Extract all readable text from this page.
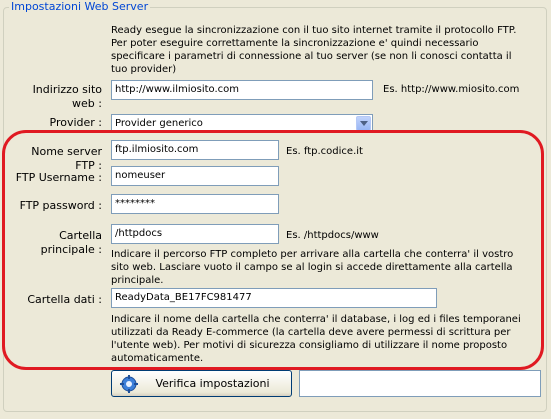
Impostazioni Web Server
Ready esegue la sincronizzazione con il tuo sito internet tramite il protocollo FTP. Per poter eseguire correttamente la sincronizzazione e' quindi necessario specificare i parametri di connessione al tuo server (se non li conosci contatta il tuo provider)
Indirizzo sito web :
http://www.ilmiosito.com	Es. http://www.miosito.com
Provider : Provider generico
Nome server FTP :
ftp.ilmiosito.com	Es. ftp.codice.it
FTP Username :	nomeuser
FTP password :	********
Cartella principale :
/httpdocs	Es. /httpdocs/www
Indicare il percorso FTP completo per arrivare alla cartella che conterra' il vostro sito web. Lasciare vuoto il campo se al login si accede direttamente alla cartella principale.
Cartella dati :	ReadyData_BE17FC981477
Indicare il nome della cartella che conterra' il database, i log ed i files temporanei utilizzati da Ready E-commerce (la cartella deve avere permessi di scrittura per l'utente web). Per motivi di sicurezza consigliamo di utilizzare il nome proposto automaticamente.
Verifica impostazioni
